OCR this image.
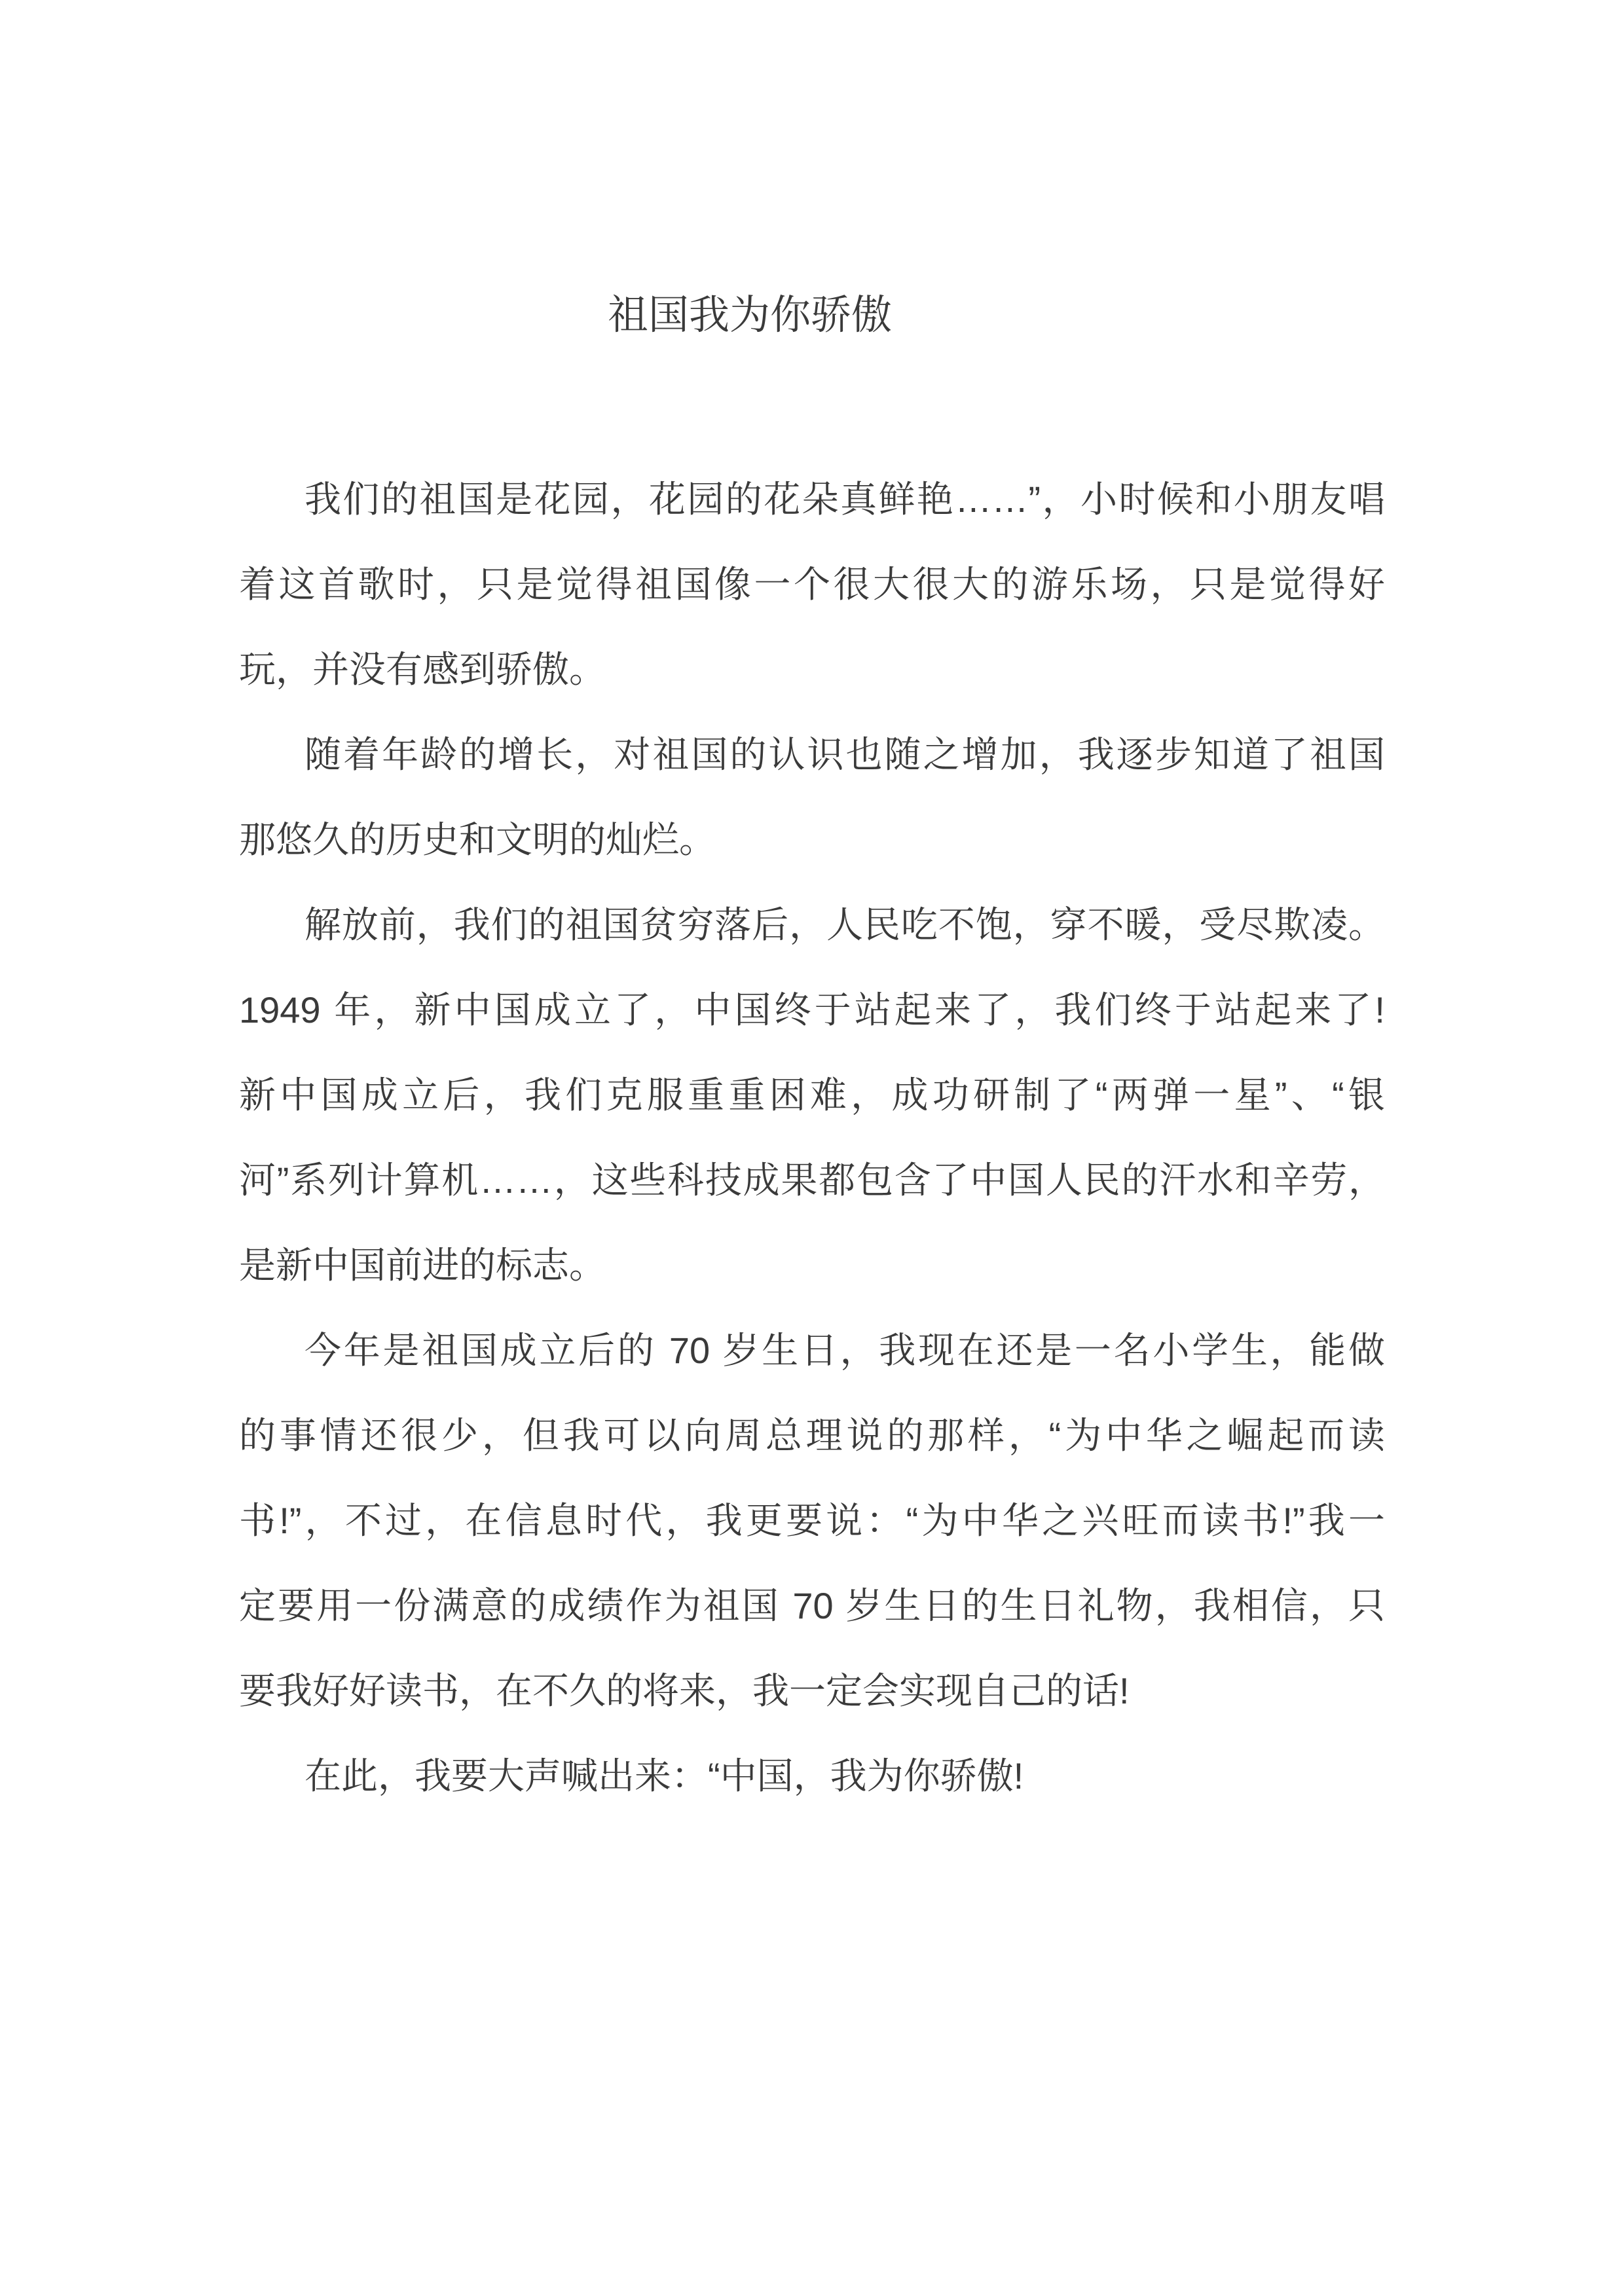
祖国我为你骄傲
我们的祖国是花园，花园的花朵真鲜艳……”，小时候和小朋友唱
着这首歌时，只是觉得祖国像一个很大很大的游乐场，只是觉得好
玩，并没有感到骄傲。
随着年龄的增长，对祖国的认识也随之增加，我逐步知道了祖国
那悠久的历史和文明的灿烂。
解放前，我们的祖国贫穷落后，人民吃不饱，穿不暖，受尽欺凌。
1949 年，新中国成立了，中国终于站起来了，我们终于站起来了!
新中国成立后，我们克服重重困难，成功研制了“两弹一星”、“银
河”系列计算机……，这些科技成果都包含了中国人民的汗水和辛劳，
是新中国前进的标志。
今年是祖国成立后的 70 岁生日，我现在还是一名小学生，能做
的事情还很少，但我可以向周总理说的那样，“为中华之崛起而读
书!”，不过，在信息时代，我更要说：“为中华之兴旺而读书!”我一
定要用一份满意的成绩作为祖国 70 岁生日的生日礼物，我相信，只
要我好好读书，在不久的将来，我一定会实现自己的话!
在此，我要大声喊出来：“中国，我为你骄傲!
